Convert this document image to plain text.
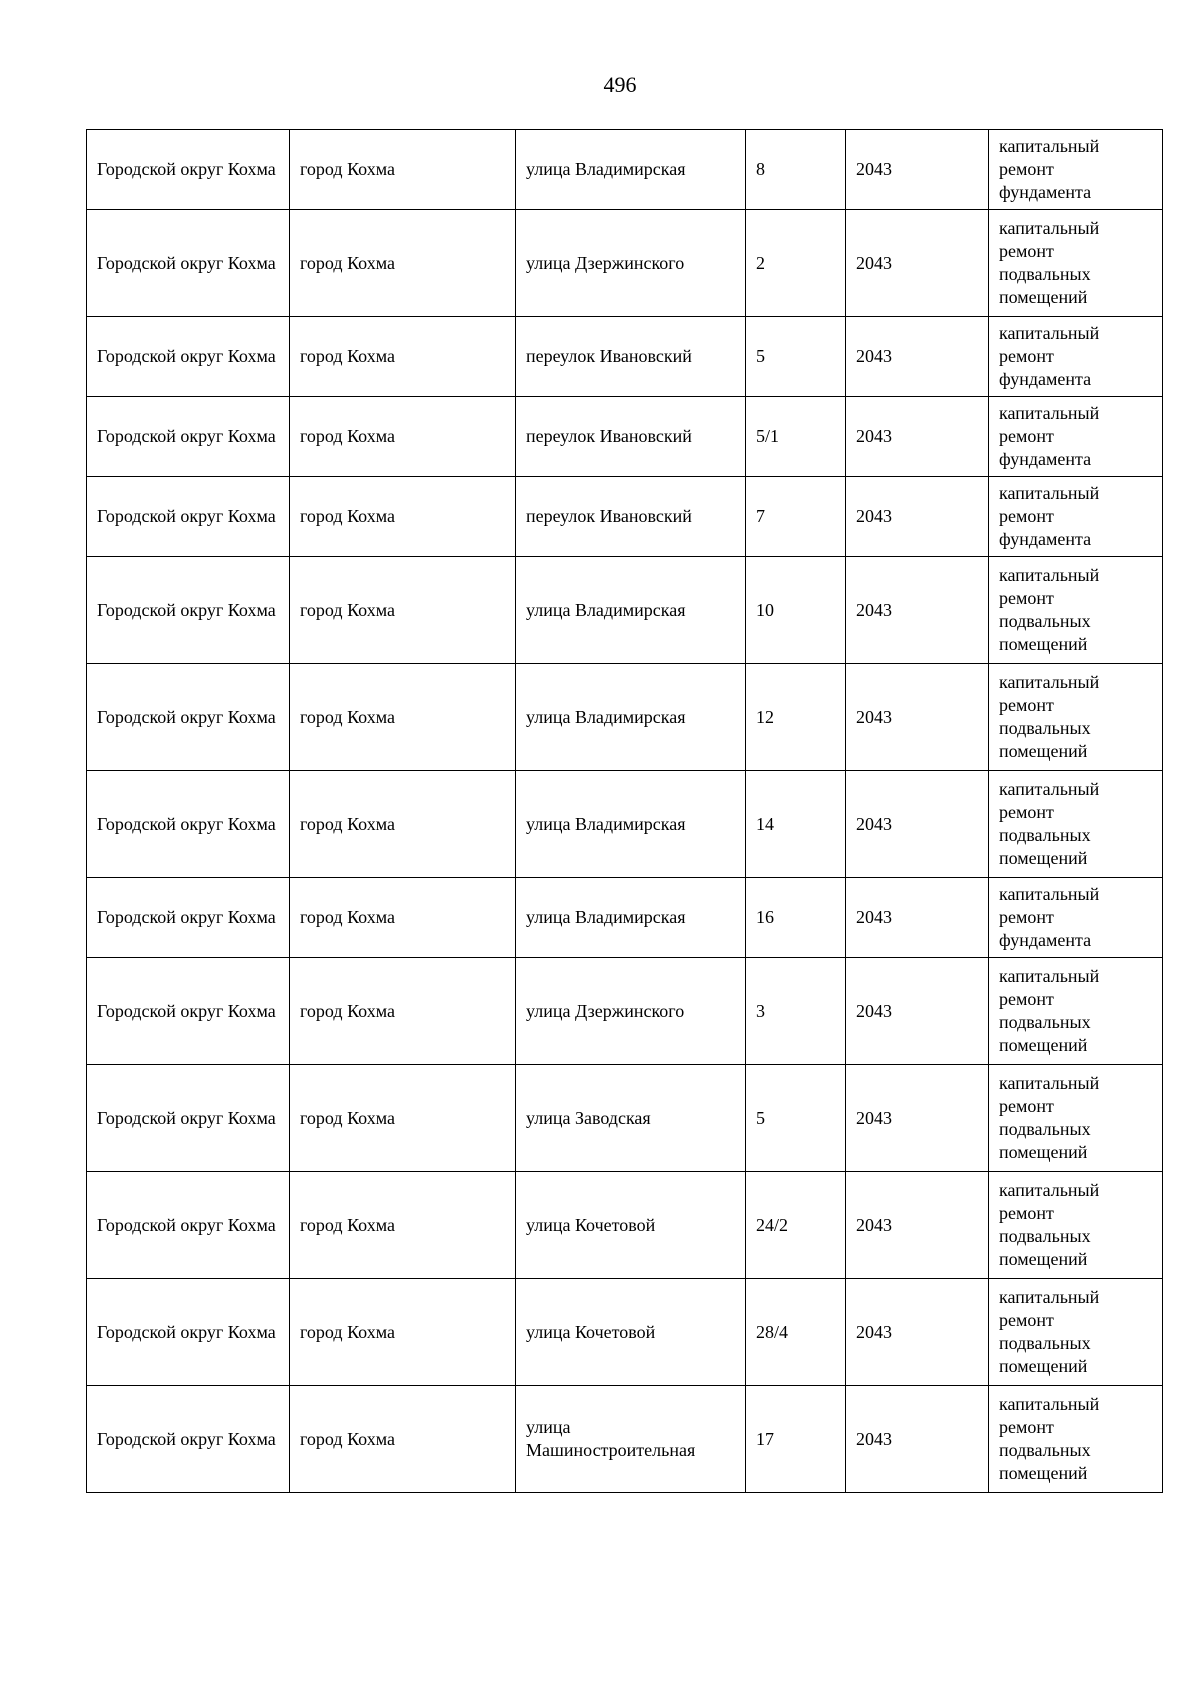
496
Городской округ Кохма	город Кохма	улица Владимирская	8	2043	капитальный
ремонт
фундамента
Городской округ Кохма	город Кохма	улица Дзержинского	2	2043	капитальный
ремонт
подвальных
помещений
Городской округ Кохма	город Кохма	переулок Ивановский	5	2043	капитальный
ремонт
фундамента
Городской округ Кохма	город Кохма	переулок Ивановский	5/1	2043	капитальный
ремонт
фундамента
Городской округ Кохма	город Кохма	переулок Ивановский	7	2043	капитальный
ремонт
фундамента
Городской округ Кохма	город Кохма	улица Владимирская	10	2043	капитальный
ремонт
подвальных
помещений
Городской округ Кохма	город Кохма	улица Владимирская	12	2043	капитальный
ремонт
подвальных
помещений
Городской округ Кохма	город Кохма	улица Владимирская	14	2043	капитальный
ремонт
подвальных
помещений
Городской округ Кохма	город Кохма	улица Владимирская	16	2043	капитальный
ремонт
фундамента
Городской округ Кохма	город Кохма	улица Дзержинского	3	2043	капитальный
ремонт
подвальных
помещений
Городской округ Кохма	город Кохма	улица Заводская	5	2043	капитальный
ремонт
подвальных
помещений
Городской округ Кохма	город Кохма	улица Кочетовой	24/2	2043	капитальный
ремонт
подвальных
помещений
Городской округ Кохма	город Кохма	улица Кочетовой	28/4	2043	капитальный
ремонт
подвальных
помещений
Городской округ Кохма	город Кохма	улица Машиностроительная	17	2043	капитальный
ремонт
подвальных
помещений
